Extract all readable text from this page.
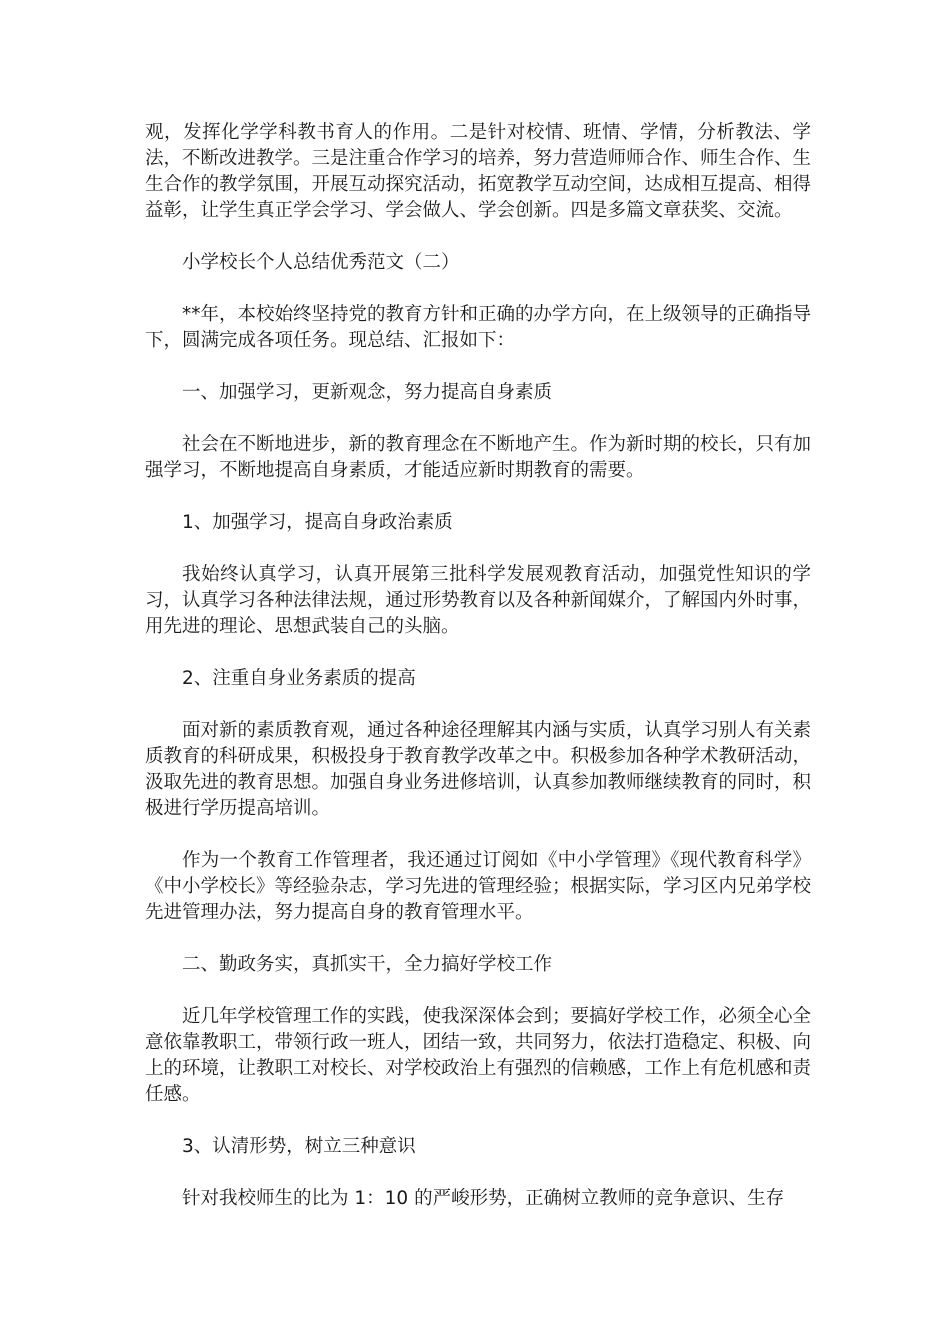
观，发挥化学学科教书育人的作用。二是针对校情、班情、学情，分析教法、学法，不断改进教学。三是注重合作学习的培养，努力营造师师合作、师生合作、生生合作的教学氛围，开展互动探究活动，拓宽教学互动空间，达成相互提高、相得益彰，让学生真正学会学习、学会做人、学会创新。四是多篇文章获奖、交流。

小学校长个人总结优秀范文（二）

**年，本校始终坚持党的教育方针和正确的办学方向，在上级领导的正确指导下，圆满完成各项任务。现总结、汇报如下：

一、加强学习，更新观念，努力提高自身素质

社会在不断地进步，新的教育理念在不断地产生。作为新时期的校长，只有加强学习，不断地提高自身素质，才能适应新时期教育的需要。

1、加强学习，提高自身政治素质

我始终认真学习，认真开展第三批科学发展观教育活动，加强党性知识的学习，认真学习各种法律法规，通过形势教育以及各种新闻媒介，了解国内外时事，用先进的理论、思想武装自己的头脑。

2、注重自身业务素质的提高

面对新的素质教育观，通过各种途径理解其内涵与实质，认真学习别人有关素质教育的科研成果，积极投身于教育教学改革之中。积极参加各种学术教研活动，汲取先进的教育思想。加强自身业务进修培训，认真参加教师继续教育的同时，积极进行学历提高培训。

作为一个教育工作管理者，我还通过订阅如《中小学管理》《现代教育科学》《中小学校长》等经验杂志，学习先进的管理经验；根据实际，学习区内兄弟学校先进管理办法，努力提高自身的教育管理水平。

二、勤政务实，真抓实干，全力搞好学校工作

近几年学校管理工作的实践，使我深深体会到；要搞好学校工作，必须全心全意依靠教职工，带领行政一班人，团结一致，共同努力，依法打造稳定、积极、向上的环境，让教职工对校长、对学校政治上有强烈的信赖感，工作上有危机感和责任感。

3、认清形势，树立三种意识

针对我校师生的比为 1：10 的严峻形势，正确树立教师的竞争意识、生存
